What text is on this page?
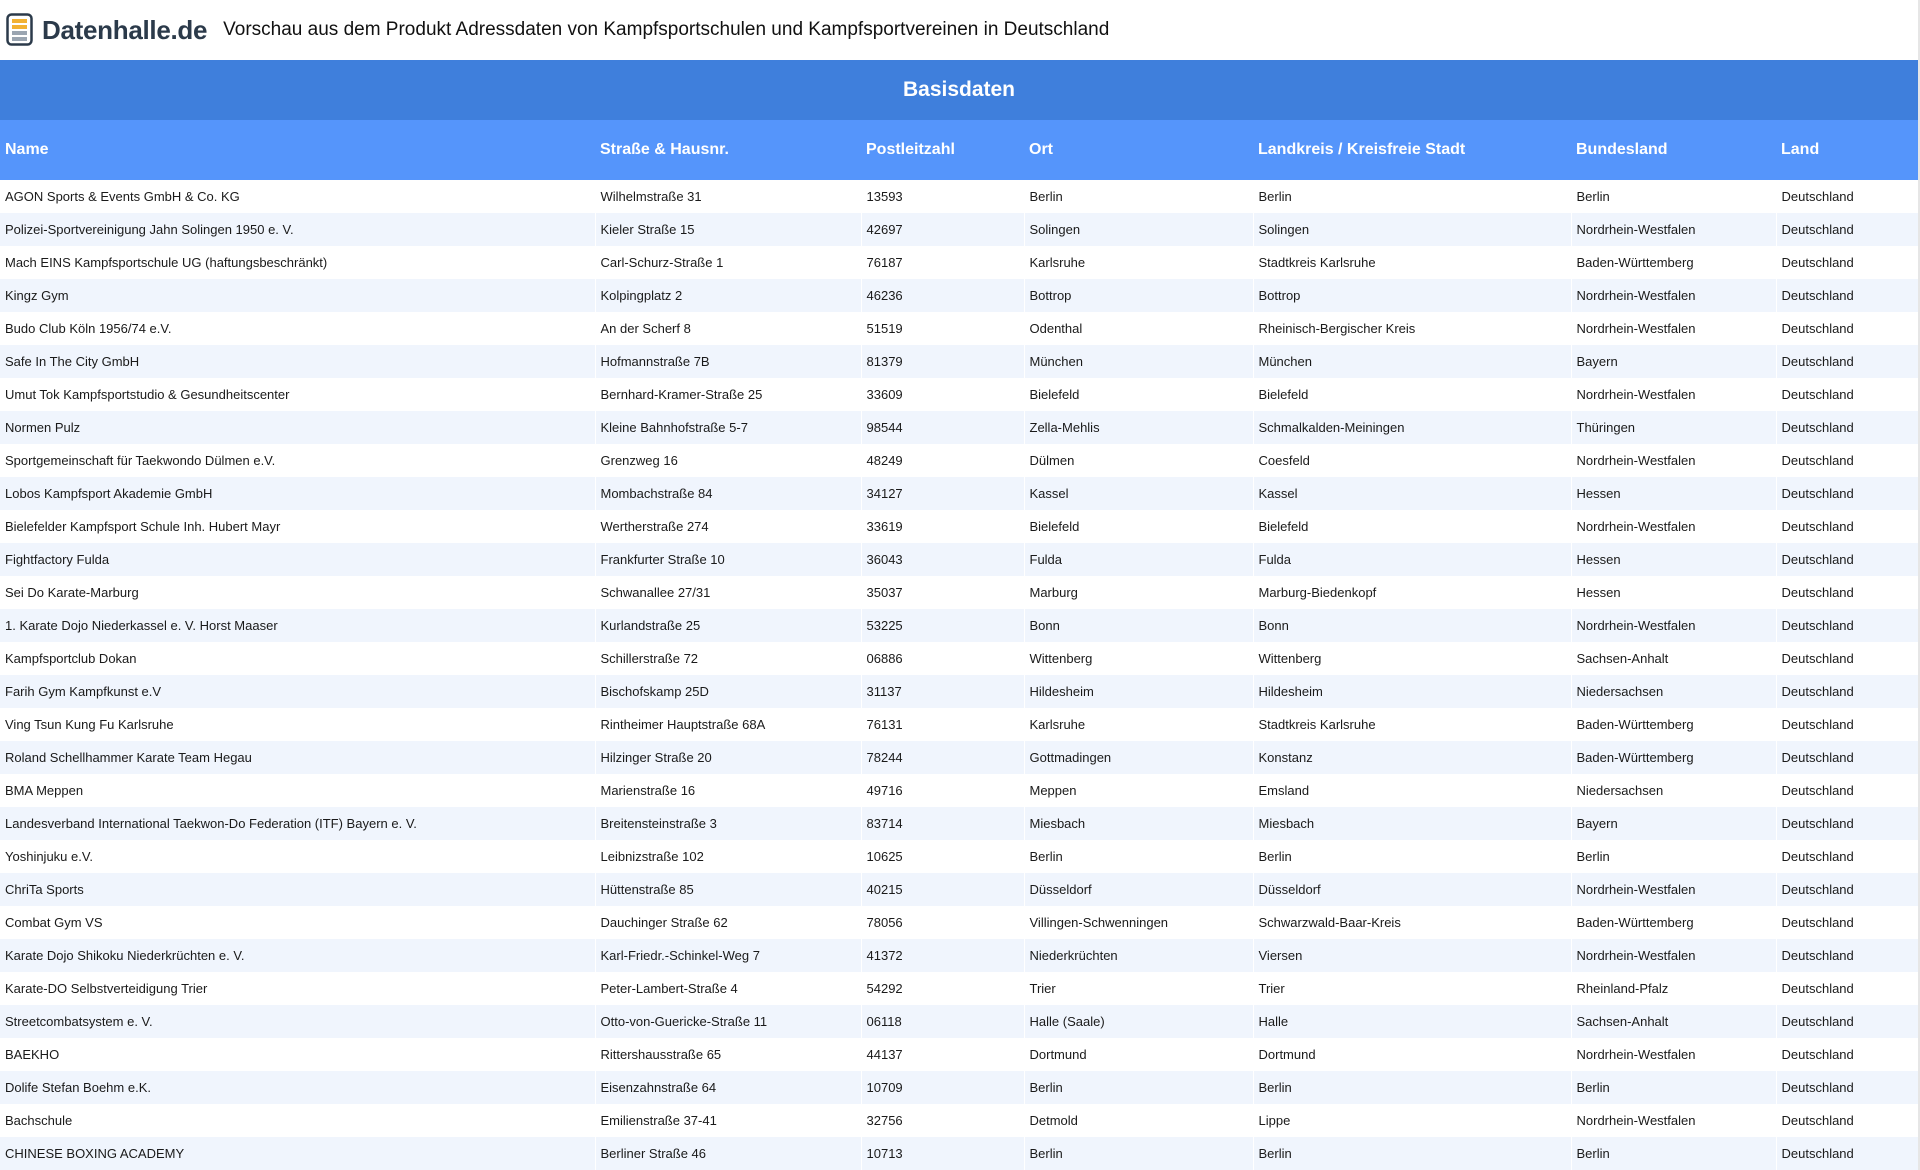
Datenhalle.de Vorschau aus dem Produkt Adressdaten von Kampfsportschulen und Kampfsportvereinen in Deutschland
Basisdaten
Name	Straße & Hausnr.	Postleitzahl	Ort	Landkreis / Kreisfreie Stadt	Bundesland	Land
AGON Sports & Events GmbH & Co. KG	Wilhelmstraße 31	13593	Berlin	Berlin	Berlin	Deutschland
Polizei-Sportvereinigung Jahn Solingen 1950 e. V.	Kieler Straße 15	42697	Solingen	Solingen	Nordrhein-Westfalen	Deutschland
Mach EINS Kampfsportschule UG (haftungsbeschränkt)	Carl-Schurz-Straße 1	76187	Karlsruhe	Stadtkreis Karlsruhe	Baden-Württemberg	Deutschland
Kingz Gym	Kolpingplatz 2	46236	Bottrop	Bottrop	Nordrhein-Westfalen	Deutschland
Budo Club Köln 1956/74 e.V.	An der Scherf 8	51519	Odenthal	Rheinisch-Bergischer Kreis	Nordrhein-Westfalen	Deutschland
Safe In The City GmbH	Hofmannstraße 7B	81379	München	München	Bayern	Deutschland
Umut Tok Kampfsportstudio & Gesundheitscenter	Bernhard-Kramer-Straße 25	33609	Bielefeld	Bielefeld	Nordrhein-Westfalen	Deutschland
Normen Pulz	Kleine Bahnhofstraße 5-7	98544	Zella-Mehlis	Schmalkalden-Meiningen	Thüringen	Deutschland
Sportgemeinschaft für Taekwondo Dülmen e.V.	Grenzweg 16	48249	Dülmen	Coesfeld	Nordrhein-Westfalen	Deutschland
Lobos Kampfsport Akademie GmbH	Mombachstraße 84	34127	Kassel	Kassel	Hessen	Deutschland
Bielefelder Kampfsport Schule Inh. Hubert Mayr	Wertherstraße 274	33619	Bielefeld	Bielefeld	Nordrhein-Westfalen	Deutschland
Fightfactory Fulda	Frankfurter Straße 10	36043	Fulda	Fulda	Hessen	Deutschland
Sei Do Karate-Marburg	Schwanallee 27/31	35037	Marburg	Marburg-Biedenkopf	Hessen	Deutschland
1. Karate Dojo Niederkassel e. V. Horst Maaser	Kurlandstraße 25	53225	Bonn	Bonn	Nordrhein-Westfalen	Deutschland
Kampfsportclub Dokan	Schillerstraße 72	06886	Wittenberg	Wittenberg	Sachsen-Anhalt	Deutschland
Farih Gym Kampfkunst e.V	Bischofskamp 25D	31137	Hildesheim	Hildesheim	Niedersachsen	Deutschland
Ving Tsun Kung Fu Karlsruhe	Rintheimer Hauptstraße 68A	76131	Karlsruhe	Stadtkreis Karlsruhe	Baden-Württemberg	Deutschland
Roland Schellhammer Karate Team Hegau	Hilzinger Straße 20	78244	Gottmadingen	Konstanz	Baden-Württemberg	Deutschland
BMA Meppen	Marienstraße 16	49716	Meppen	Emsland	Niedersachsen	Deutschland
Landesverband International Taekwon-Do Federation (ITF) Bayern e. V.	Breitensteinstraße 3	83714	Miesbach	Miesbach	Bayern	Deutschland
Yoshinjuku e.V.	Leibnizstraße 102	10625	Berlin	Berlin	Berlin	Deutschland
ChriTa Sports	Hüttenstraße 85	40215	Düsseldorf	Düsseldorf	Nordrhein-Westfalen	Deutschland
Combat Gym VS	Dauchinger Straße 62	78056	Villingen-Schwenningen	Schwarzwald-Baar-Kreis	Baden-Württemberg	Deutschland
Karate Dojo Shikoku Niederkrüchten e. V.	Karl-Friedr.-Schinkel-Weg 7	41372	Niederkrüchten	Viersen	Nordrhein-Westfalen	Deutschland
Karate-DO Selbstverteidigung Trier	Peter-Lambert-Straße 4	54292	Trier	Trier	Rheinland-Pfalz	Deutschland
Streetcombatsystem e. V.	Otto-von-Guericke-Straße 11	06118	Halle (Saale)	Halle	Sachsen-Anhalt	Deutschland
BAEKHO	Rittershausstraße 65	44137	Dortmund	Dortmund	Nordrhein-Westfalen	Deutschland
Dolife Stefan Boehm e.K.	Eisenzahnstraße 64	10709	Berlin	Berlin	Berlin	Deutschland
Bachschule	Emilienstraße 37-41	32756	Detmold	Lippe	Nordrhein-Westfalen	Deutschland
CHINESE BOXING ACADEMY	Berliner Straße 46	10713	Berlin	Berlin	Berlin	Deutschland
